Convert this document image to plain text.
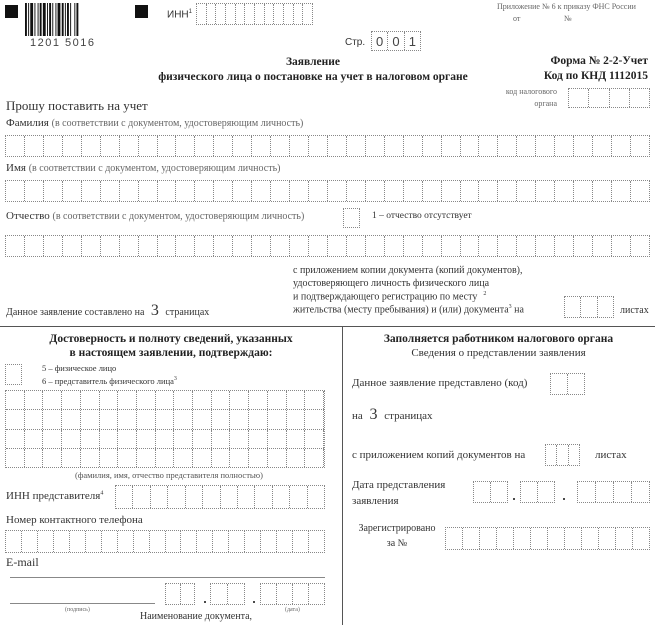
1201 5016
ИНН$^1$
Приложение № 6 к приказу ФНС России
от	№
Стр. 0 0 1
Заявление
физического лица о постановке на учет в налоговом органе
Форма № 2-2-Учет
Код по КНД 1112015
код налогового
органа
Прошу поставить на учет
Фамилия (в соответствии с документом, удостоверяющим личность)
Имя (в соответствии с документом, удостоверяющим личность)
Отчество (в соответствии с документом, удостоверяющим личность)	1 – отчество отсутствует
Данное заявление составлено на 3 страницах
с приложением копии документа (копий документов),
удостоверяющего личность физического лица
и подтверждающего регистрацию по месту $^2$
жительства (месту пребывания) и (или) документа$^3$ на	листах
Достоверность и полноту сведений, указанных
в настоящем заявлении, подтверждаю:
5 – физическое лицо
6 – представитель физического лица$^3$
(фамилия, имя, отчество представителя полностью)
ИНН представителя$^4$
Номер контактного телефона
E-mail
(подпись)	(дата)
Наименование документа,
Заполняется работником налогового органа
Сведения о представлении заявления
Данное заявление представлено (код)
на 3 страницах
с приложением копий документов на	листах
Дата представления
заявления
Зарегистрировано
за №
